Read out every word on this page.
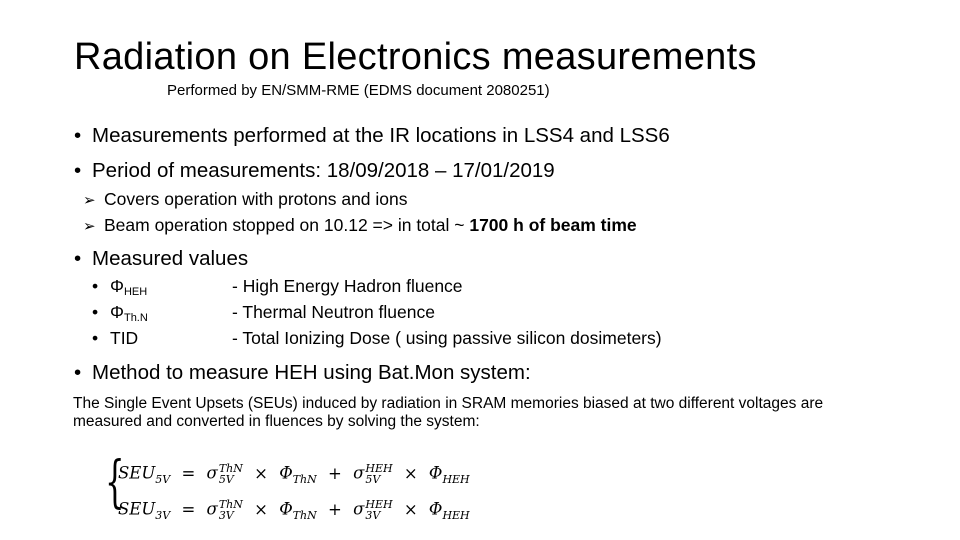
Radiation on Electronics measurements
Performed by EN/SMM-RME (EDMS document 2080251)
• Measurements performed at the IR locations in LSS4 and LSS6
• Period of measurements: 18/09/2018 – 17/01/2019
➢ Covers operation with protons and ions
➢ Beam operation stopped on 10.12 => in total ~ 1700 h of beam time
• Measured values
• $\Phi_{HEH}$	- High Energy Hadron fluence
• $\Phi_{Th.N}$	- Thermal Neutron fluence
• TID	- Total Ionizing Dose ( using passive silicon dosimeters)
• Method to measure HEH using Bat.Mon system:
The Single Event Upsets (SEUs) induced by radiation in SRAM memories biased at two different voltages are measured and converted in fluences by solving the system:
{
$SEU_{5V} = \sigma$ ThN
5V	× $\Phi_{ThN} + \sigma$ HEH
5V	× $\Phi_{HEH}$
$SEU_{3V} = \sigma$ ThN
3V	× $\Phi_{ThN} + \sigma$ HEH
3V	× $\Phi_{HEH}$
